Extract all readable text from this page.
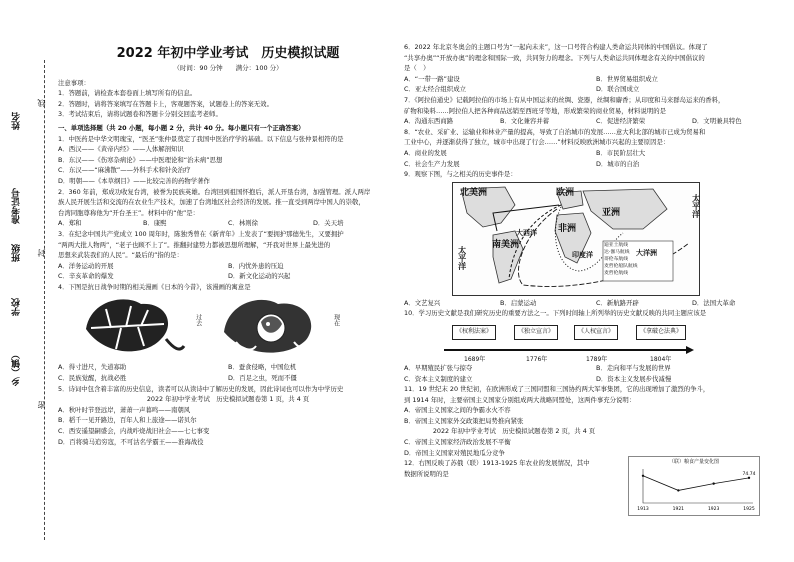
线
封
密
姓名
准考证号
班级
学校
乡（镇）

2022 年初中学业考试　历史模拟试题

（时间：90 分钟　　满分：100 分）

注意事项：

1．答题前，请检查本套卷面上填写所有的信息。

2．答题时，请将答案填写在答题卡上，客观题答案，试题卷上的答案无效。

3．考试结束后，请将试题卷和答题卡分别交回监考老师。

一、单项选择题（共 20 小题，每小题 2 分，共计 40 分。每小题只有一个正确答案）

1．中医药是中华文明瑰宝，“医圣”张仲景奠定了我国中医治疗学的基础。以下信息与张仲景相符的是

A．西汉——《黄帝内经》——人体解剖知识

B．东汉——《伤寒杂病论》——中医理论和“治未病”思想

C．东汉——“麻沸散”——外科手术和针灸治疗

D．明朝——《本草纲目》——比较完善的药物学著作

2．360 年前，郑成功收复台湾，被誉为民族英雄。台湾回到祖国怀抱后，派人开垦台湾，加强管理。派人两岸

族人民开展生活和交流的在农业生产技术，加速了台湾地区社会经济的发展。推一直受到两岸中国人的崇敬，

台湾同胞尊称他为“开台圣王”。材料中的“他”是：

A．郑和	B．康熙	C．林则徐	D．关天培

3．在纪念中国共产党成立 100 周年时，陈独秀曾在《新青年》上发表了“要拥护那德先生，又要拥护

“两两大批人物两”，“老子也顾不上了”。推翻封建势力都被思想所理解，“开我对世界上最先进的

思想来武装我们的人民”。“最后的”指的是：

A．洋务运动的开展	B．内忧外患的压迫
C．辛亥革命的爆发	D．新文化运动的兴起

4．下图是抗日战争时期的相关漫画《日本的今昔》，该漫画的寓意是

过去	现在

A．得寸进尺，失道寡助	B．蚕食侵略，中国危机
C．民族觉醒，抗战必胜	D．百足之虫，死而不僵

5．诗词中包含着丰富的历史信息，读者可以从读诗中了解历史的发展，因此诗词也可以作为中学历史

2022 年初中学业考试　历史模拟试题卷第 1 页，共 4 页

A．秋叶时节登远岸，萧萧一声暮鸣——南朝风

B．稻千一见开路边，百年人和上旅途——诺贝尔

C．西安遥望嗣盛会，内战咋烧战旧社会——七七事变

D．百将骑马追穷寇，不可沽名学霸王——淮海战役

6．2022 年北京冬奥会的主题口号为“一起向未来”，这一口号符合构建人类命运共同体的中国倡议。体现了

“共享办奥”“开放办奥”的理念和国际一致，共同努力的理念。下列与人类命运共同体理念有关的中国倡议的

是（　）

A．“一带一路”建设	B．世界贸易组织成立
C．亚太经合组织成立	D．联合国成立

7．《阿拉伯通史》记载阿拉伯的市场上有从中国运来的丝绸、瓷器，丝绸和麝香；从印度和马来群岛运来的香料，

矿物和染料……阿拉伯人把各种商品远销至西班牙等地，形成繁荣的商业贸易，材料说明的是

A．沟通东西商路	B．文化兼容并蓄	C．促进经济繁荣	D．文明兼具特色

8．“农业、采矿业、运输业和林业产量的提高，导致了自治城市的发展……意大利北部的城市已成为贸易和

工业中心，并逐渐获得了独立，城市中出现了行会……”材料反映欧洲城市兴起的主要原因是：

A．商业的发展	B．市民阶层壮大
C．社会生产力发展	D．城市的自治

9．观察下图，与之相关的历史事件是：

北美洲	欧洲
亚洲
非洲
南美洲
大洋洲
大西洋
印度洋
太平洋
太平洋
迪亚士航线
达·伽马航线
哥伦布航线
麦哲伦船队航线
麦哲伦航线

A．文艺复兴	B．启蒙运动	C．新航路开辟	D．法国大革命

10．学习历史文献是我们研究历史的重要方法之一。下列时间轴上所列举的历史文献反映的共同主题应该是

《权利法案》	《独立宣言》	《人权宣言》	《拿破仑法典》
1689年	1776年	1789年	1804年

A．早期殖民扩张与掠夺	B．走向和平与发展的世界
C．资本主义制度的建立	D．资本主义发展步伐减慢

11．19 世纪末 20 世纪初，在欧洲形成了三国同盟和三国协约两大军事集团，它的出现增加了激烈的争斗，

到 1914 年时，主要帝国主义国家分别组成两大战略同盟处，这两件事充分说明：

A．帝国主义国家之间的争霸水火不容

B．帝国主义国家外交政策把局势推向紧张

2022 年初中学业考试　历史模拟试题卷第 2 页，共 4 页

C．帝国主义国家经济政治发展不平衡

D．帝国主义国家对殖民地瓜分竞争

12．右图反映了苏俄（联）1913-1925 年农业的发展情况，其中

数据所说明的是

（联）粮食产量变化图
1913	1921	1923	1925
74.74
